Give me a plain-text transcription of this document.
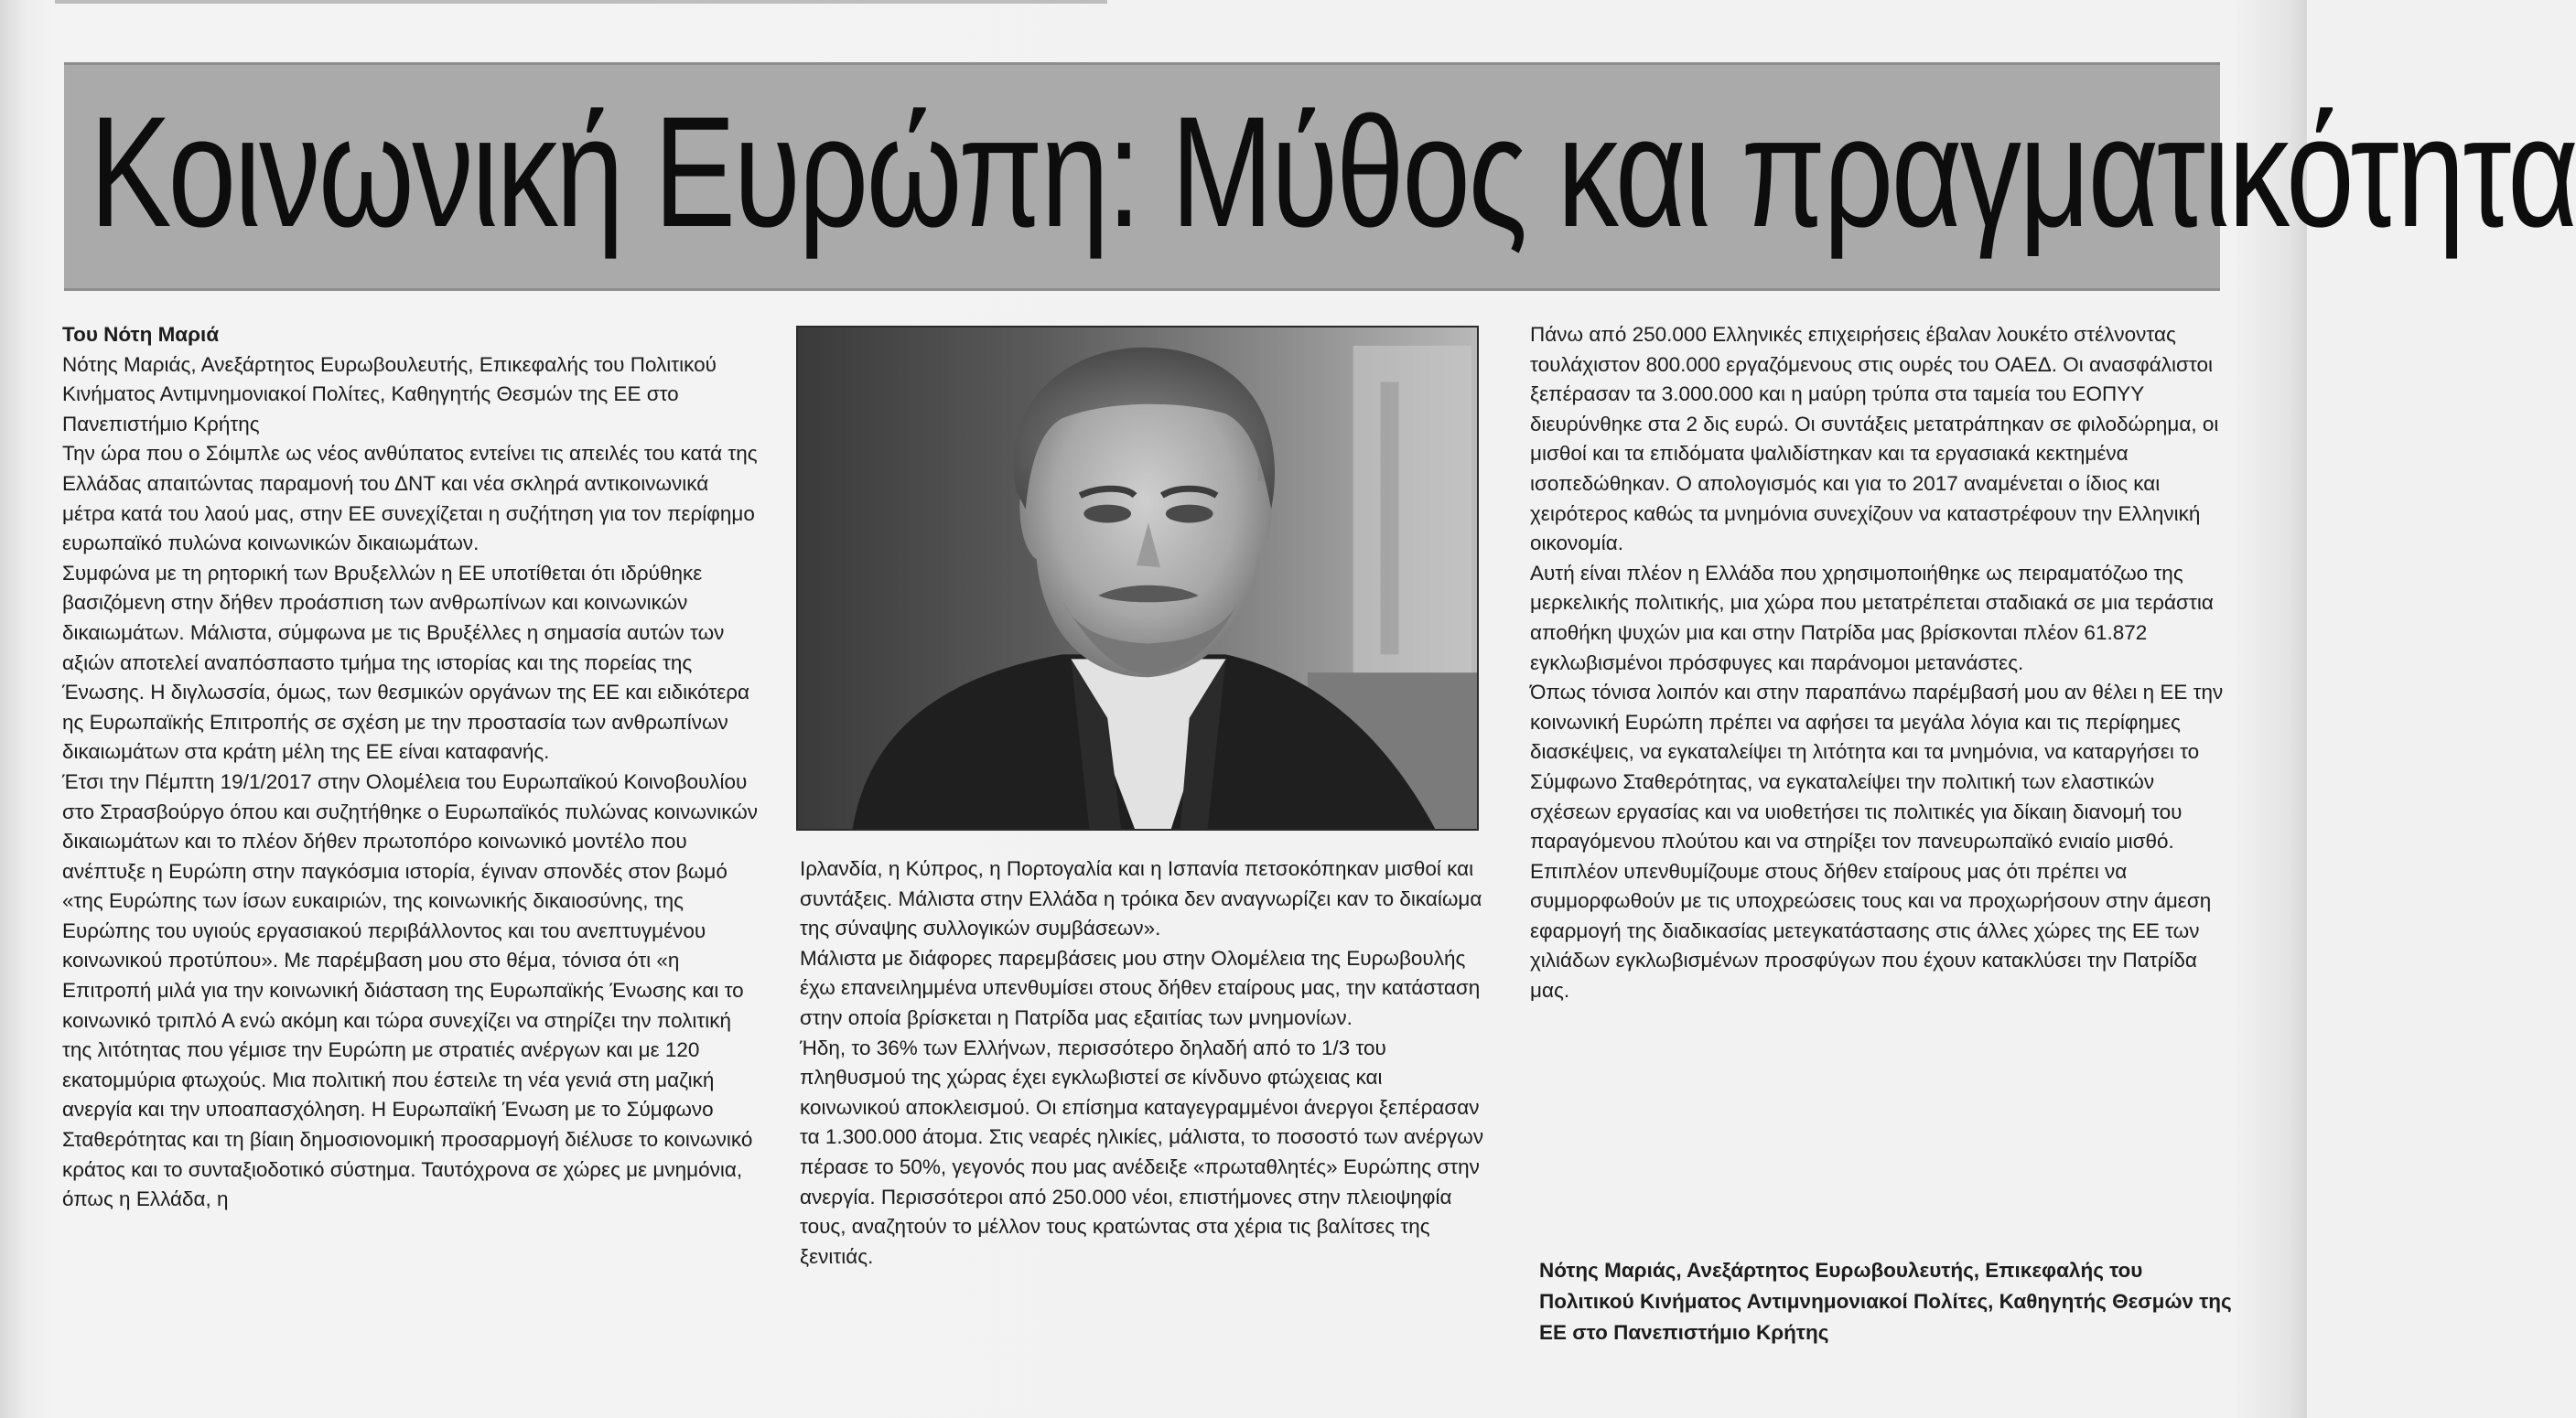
Κοινωνική Ευρώπη: Μύθος και πραγματικότητα

Του Νότη Μαριά

Νότης Μαριάς, Ανεξάρτητος Ευρωβουλευτής, Επικεφαλής του Πολιτικού Κινήματος Αντιμνημονιακοί Πολίτες, Καθηγητής Θεσμών της ΕΕ στο Πανεπιστήμιο Κρήτης

Την ώρα που ο Σόιμπλε ως νέος ανθύπατος εντείνει τις απειλές του κατά της Ελλάδας απαιτώντας παραμονή του ΔΝΤ και νέα σκληρά αντικοινωνικά μέτρα κατά του λαού μας, στην ΕΕ συνεχίζεται η συζήτηση για τον περίφημο ευρωπαϊκό πυλώνα κοινωνικών δικαιωμάτων.

Συμφώνα με τη ρητορική των Βρυξελλών η ΕΕ υποτίθεται ότι ιδρύθηκε βασιζόμενη στην δήθεν προάσπιση των ανθρωπίνων και κοινωνικών δικαιωμάτων. Μάλιστα, σύμφωνα με τις Βρυξέλλες η σημασία αυτών των αξιών αποτελεί αναπόσπαστο τμήμα της ιστορίας και της πορείας της Ένωσης. Η διγλωσσία, όμως, των θεσμικών οργάνων της ΕΕ και ειδικότερα ης Ευρωπαϊκής Επιτροπής σε σχέση με την προστασία των ανθρωπίνων δικαιωμάτων στα κράτη μέλη της ΕΕ είναι καταφανής.

Έτσι την Πέμπτη 19/1/2017 στην Ολομέλεια του Ευρωπαϊκού Κοινοβουλίου στο Στρασβούργο όπου και συζητήθηκε ο Ευρωπαϊκός πυλώνας κοινωνικών δικαιωμάτων και το πλέον δήθεν πρωτοπόρο κοινωνικό μοντέλο που ανέπτυξε η Ευρώπη στην παγκόσμια ιστορία, έγιναν σπονδές στον βωμό «της Ευρώπης των ίσων ευκαιριών, της κοινωνικής δικαιοσύνης, της Ευρώπης του υγιούς εργασιακού περιβάλλοντος και του ανεπτυγμένου κοινωνικού προτύπου». Με παρέμβαση μου στο θέμα, τόνισα ότι «η Επιτροπή μιλά για την κοινωνική διάσταση της Ευρωπαϊκής Ένωσης και το κοινωνικό τριπλό Α ενώ ακόμη και τώρα συνεχίζει να στηρίζει την πολιτική της λιτότητας που γέμισε την Ευρώπη με στρατιές ανέργων και με 120 εκατομμύρια φτωχούς. Μια πολιτική που έστειλε τη νέα γενιά στη μαζική ανεργία και την υποαπασχόληση. Η Ευρωπαϊκή Ένωση με το Σύμφωνο Σταθερότητας και τη βίαιη δημοσιονομική προσαρμογή διέλυσε το κοινωνικό κράτος και το συνταξιοδοτικό σύστημα. Ταυτόχρονα σε χώρες με μνημόνια, όπως η Ελλάδα, η

Ιρλανδία, η Κύπρος, η Πορτογαλία και η Ισπανία πετσοκόπηκαν μισθοί και συντάξεις. Μάλιστα στην Ελλάδα η τρόικα δεν αναγνωρίζει καν το δικαίωμα της σύναψης συλλογικών συμβάσεων».

Μάλιστα με διάφορες παρεμβάσεις μου στην Ολομέλεια της Ευρωβουλής έχω επανειλημμένα υπενθυμίσει στους δήθεν εταίρους μας, την κατάσταση στην οποία βρίσκεται η Πατρίδα μας εξαιτίας των μνημονίων.

Ήδη, το 36% των Ελλήνων, περισσότερο δηλαδή από το 1/3 του πληθυσμού της χώρας έχει εγκλωβιστεί σε κίνδυνο φτώχειας και κοινωνικού αποκλεισμού. Οι επίσημα καταγεγραμμένοι άνεργοι ξεπέρασαν τα 1.300.000 άτομα. Στις νεαρές ηλικίες, μάλιστα, το ποσοστό των ανέργων πέρασε το 50%, γεγονός που μας ανέδειξε «πρωταθλητές» Ευρώπης στην ανεργία. Περισσότεροι από 250.000 νέοι, επιστήμονες στην πλειοψηφία τους, αναζητούν το μέλλον τους κρατώντας στα χέρια τις βαλίτσες της ξενιτιάς.

Πάνω από 250.000 Ελληνικές επιχειρήσεις έβαλαν λουκέτο στέλνοντας τουλάχιστον 800.000 εργαζόμενους στις ουρές του ΟΑΕΔ. Οι ανασφάλιστοι ξεπέρασαν τα 3.000.000 και η μαύρη τρύπα στα ταμεία του ΕΟΠΥΥ διευρύνθηκε στα 2 δις ευρώ. Οι συντάξεις μετατράπηκαν σε φιλοδώρημα, οι μισθοί και τα επιδόματα ψαλιδίστηκαν και τα εργασιακά κεκτημένα ισοπεδώθηκαν. Ο απολογισμός και για το 2017 αναμένεται ο ίδιος και χειρότερος καθώς τα μνημόνια συνεχίζουν να καταστρέφουν την Ελληνική οικονομία.

Αυτή είναι πλέον η Ελλάδα που χρησιμοποιήθηκε ως πειραματόζωο της μερκελικής πολιτικής, μια χώρα που μετατρέπεται σταδιακά σε μια τεράστια αποθήκη ψυχών μια και στην Πατρίδα μας βρίσκονται πλέον 61.872 εγκλωβισμένοι πρόσφυγες και παράνομοι μετανάστες.

Όπως τόνισα λοιπόν και στην παραπάνω παρέμβασή μου αν θέλει η ΕΕ την κοινωνική Ευρώπη πρέπει να αφήσει τα μεγάλα λόγια και τις περίφημες διασκέψεις, να εγκαταλείψει τη λιτότητα και τα μνημόνια, να καταργήσει το Σύμφωνο Σταθερότητας, να εγκαταλείψει την πολιτική των ελαστικών σχέσεων εργασίας και να υιοθετήσει τις πολιτικές για δίκαιη διανομή του παραγόμενου πλούτου και να στηρίξει τον πανευρωπαϊκό ενιαίο μισθό.

Επιπλέον υπενθυμίζουμε στους δήθεν εταίρους μας ότι πρέπει να συμμορφωθούν με τις υποχρεώσεις τους και να προχωρήσουν στην άμεση εφαρμογή της διαδικασίας μετεγκατάστασης στις άλλες χώρες της ΕΕ των χιλιάδων εγκλωβισμένων προσφύγων που έχουν κατακλύσει την Πατρίδα μας.

Νότης Μαριάς, Ανεξάρτητος Ευρωβουλευτής, Επικεφαλής του Πολιτικού Κινήματος Αντιμνημονιακοί Πολίτες, Καθηγητής Θεσμών της ΕΕ στο Πανεπιστήμιο Κρήτης
